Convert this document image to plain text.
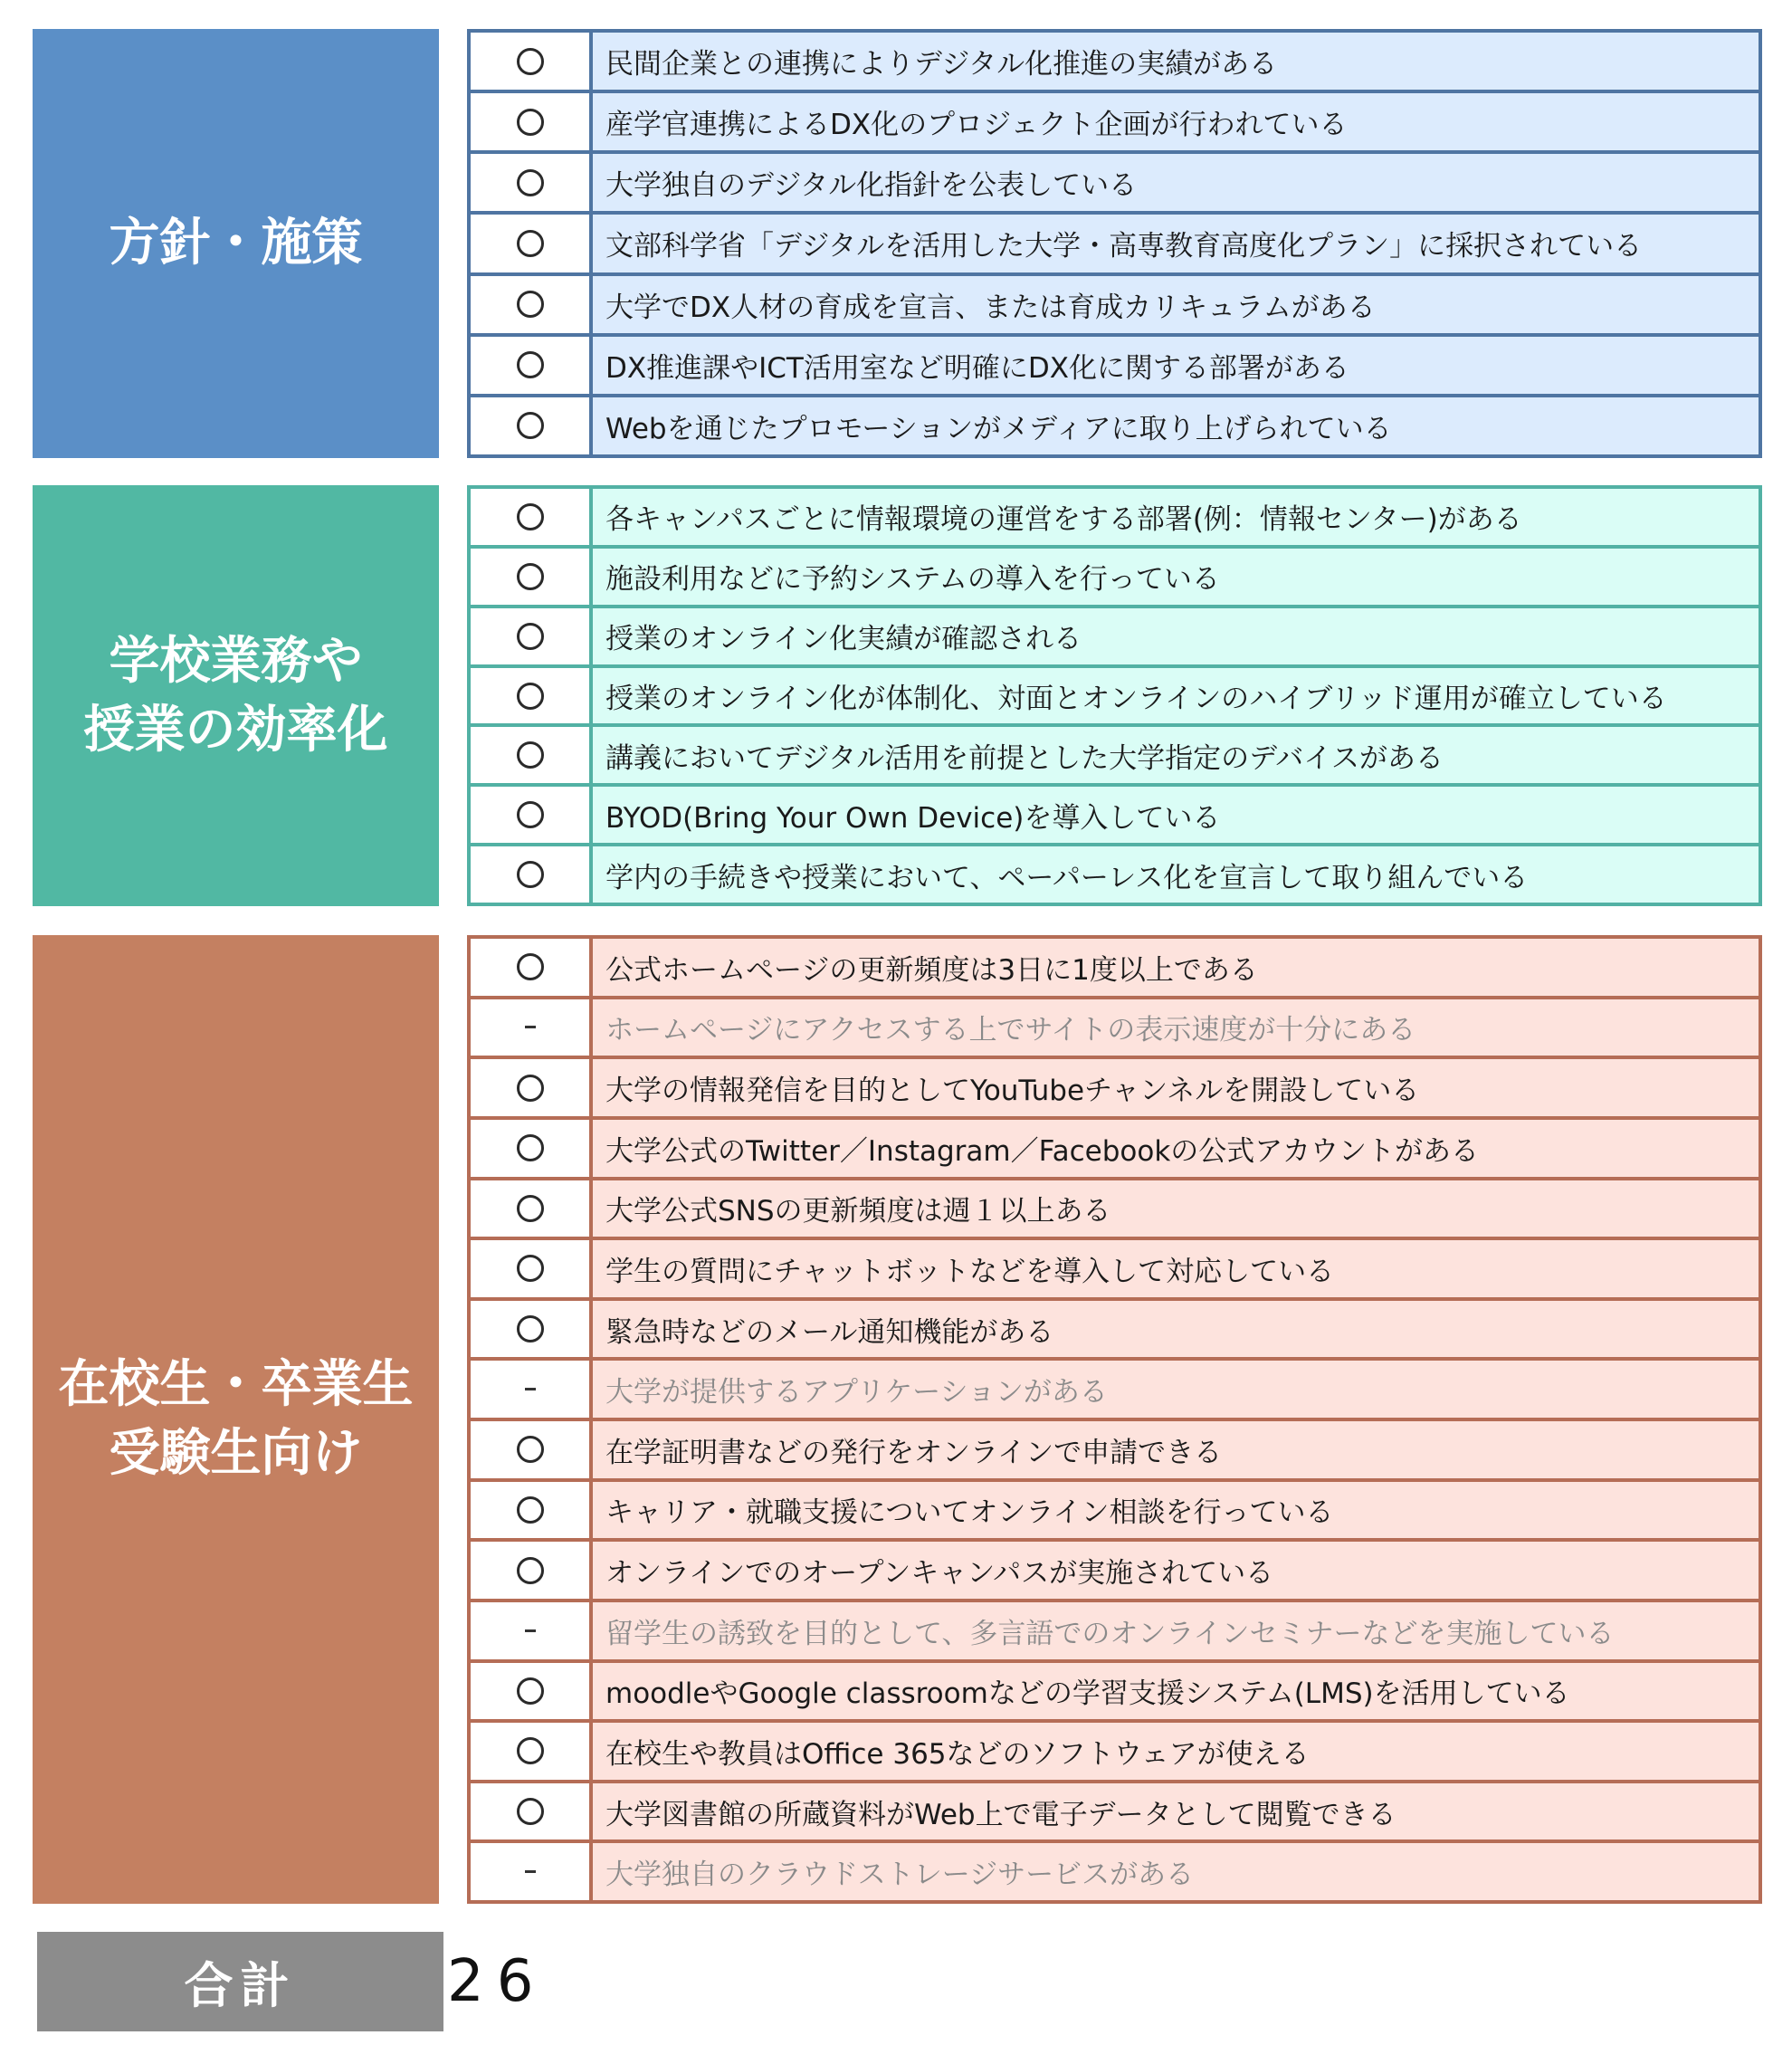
方針・施策
民間企業との連携によりデジタル化推進の実績がある
産学官連携によるDX化のプロジェクト企画が行われている
大学独自のデジタル化指針を公表している
文部科学省「デジタルを活用した大学・高専教育高度化プラン」に採択されている
大学でDX人材の育成を宣言、または育成カリキュラムがある
DX推進課やICT活用室など明確にDX化に関する部署がある
Webを通じたプロモーションがメディアに取り上げられている
学校業務や
授業の効率化
各キャンパスごとに情報環境の運営をする部署(例：情報センター)がある
施設利用などに予約システムの導入を行っている
授業のオンライン化実績が確認される
授業のオンライン化が体制化、対面とオンラインのハイブリッド運用が確立している
講義においてデジタル活用を前提とした大学指定のデバイスがある
BYOD(Bring Your Own Device)を導入している
学内の手続きや授業において、ペーパーレス化を宣言して取り組んでいる
在校生・卒業生
受験生向け
公式ホームページの更新頻度は3日に1度以上である
ホームページにアクセスする上でサイトの表示速度が十分にある
大学の情報発信を目的としてYouTubeチャンネルを開設している
大学公式のTwitter／Instagram／Facebookの公式アカウントがある
大学公式SNSの更新頻度は週１以上ある
学生の質問にチャットボットなどを導入して対応している
緊急時などのメール通知機能がある
大学が提供するアプリケーションがある
在学証明書などの発行をオンラインで申請できる
キャリア・就職支援についてオンライン相談を行っている
オンラインでのオープンキャンパスが実施されている
留学生の誘致を目的として、多言語でのオンラインセミナーなどを実施している
moodleやGoogle classroomなどの学習支援システム(LMS)を活用している
在校生や教員はOffice 365などのソフトウェアが使える
大学図書館の所蔵資料がWeb上で電子データとして閲覧できる
大学独自のクラウドストレージサービスがある
合計	26
